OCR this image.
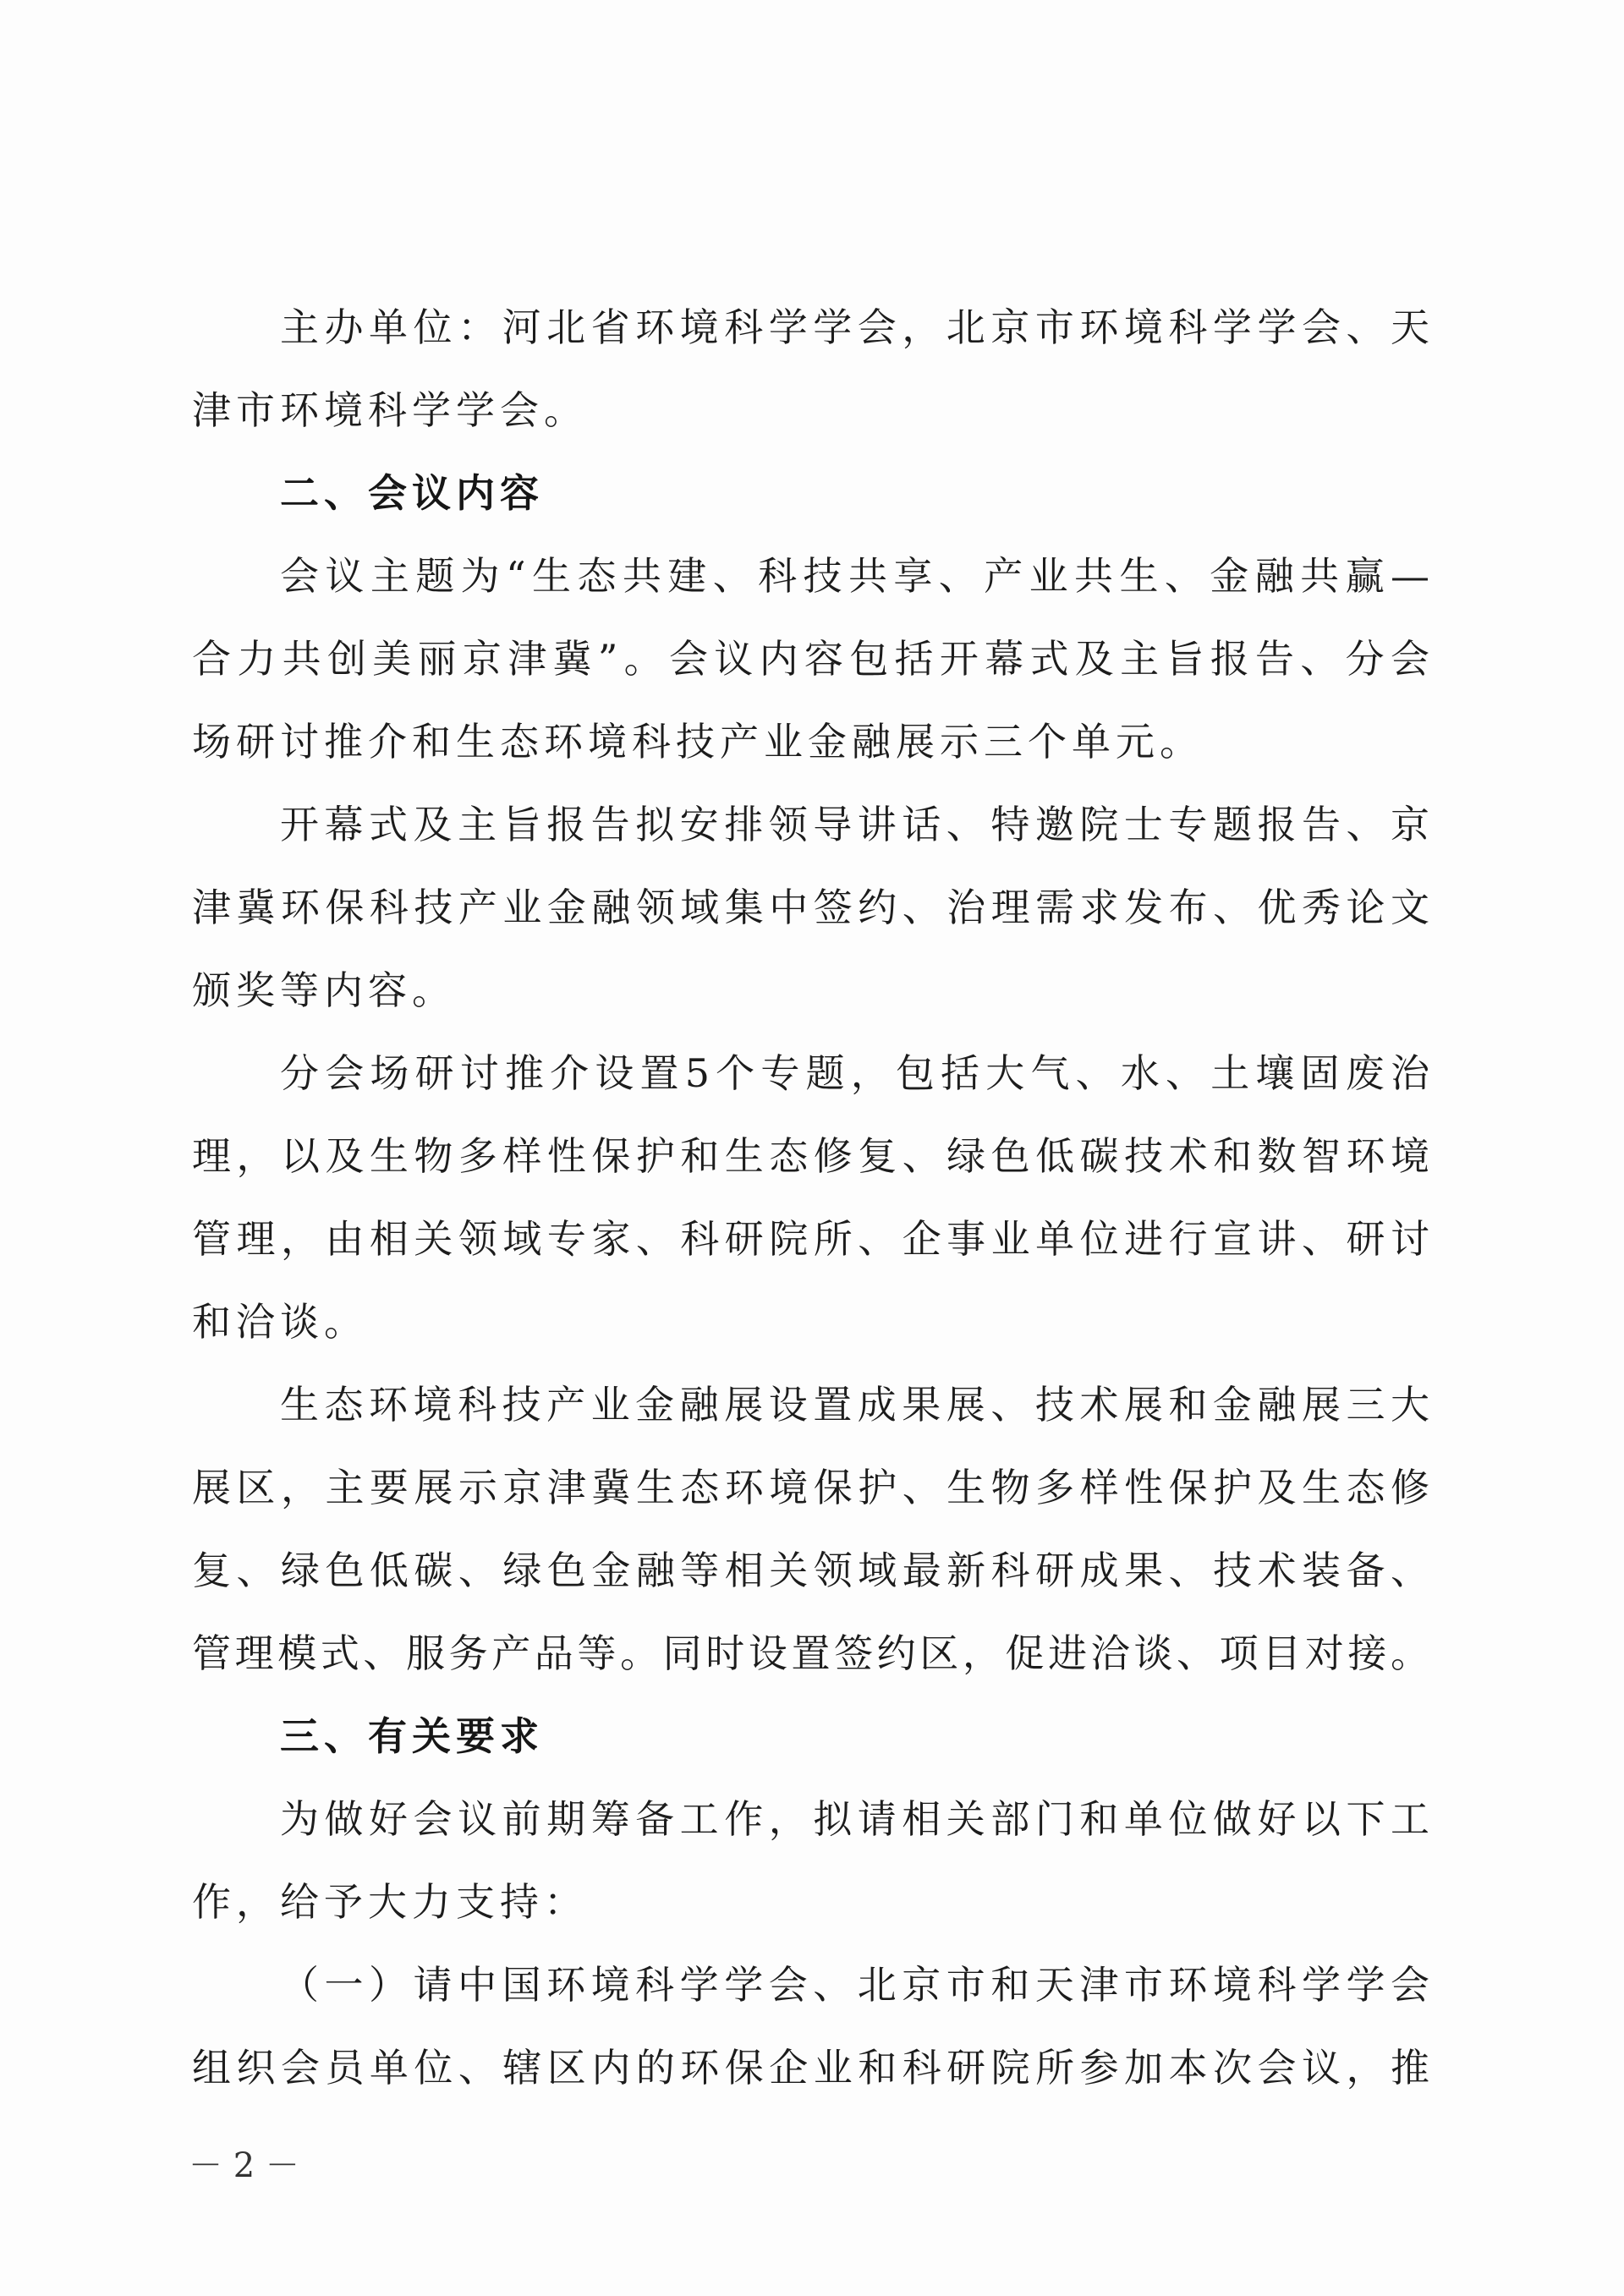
主办单位：河北省环境科学学会，北京市环境科学学会、天
津市环境科学学会。
二、会议内容
会议主题为“生态共建、科技共享、产业共生、金融共赢—
合力共创美丽京津冀”。会议内容包括开幕式及主旨报告、分会
场研讨推介和生态环境科技产业金融展示三个单元。
开幕式及主旨报告拟安排领导讲话、特邀院士专题报告、京
津冀环保科技产业金融领域集中签约、治理需求发布、优秀论文
颁奖等内容。
分会场研讨推介设置5个专题，包括大气、水、土壤固废治
理，以及生物多样性保护和生态修复、绿色低碳技术和数智环境
管理，由相关领域专家、科研院所、企事业单位进行宣讲、研讨
和洽谈。
生态环境科技产业金融展设置成果展、技术展和金融展三大
展区，主要展示京津冀生态环境保护、生物多样性保护及生态修
复、绿色低碳、绿色金融等相关领域最新科研成果、技术装备、
管理模式、服务产品等。同时设置签约区，促进洽谈、项目对接。
三、有关要求
为做好会议前期筹备工作，拟请相关部门和单位做好以下工
作，给予大力支持：
（一）请中国环境科学学会、北京市和天津市环境科学学会
组织会员单位、辖区内的环保企业和科研院所参加本次会议，推
－ 2 －
